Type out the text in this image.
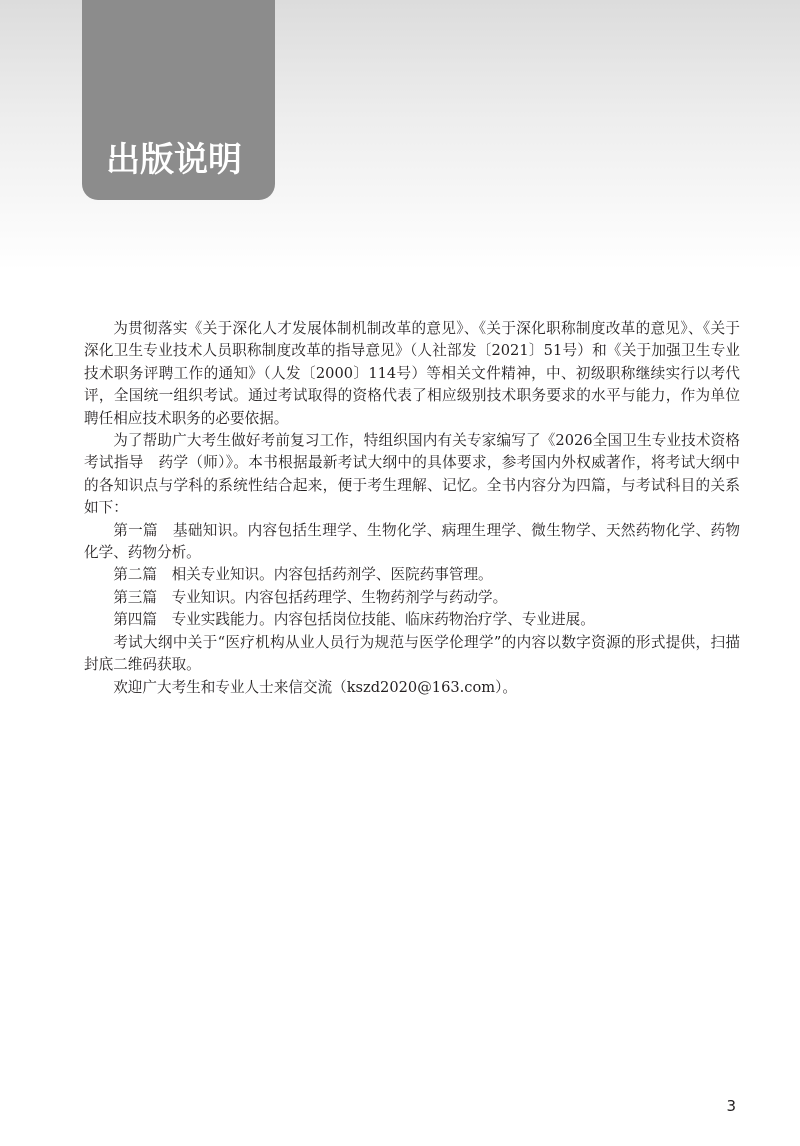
出版说明

为贯彻落实《关于深化人才发展体制机制改革的意见》、《关于深化职称制度改革的意见》、《关于深化卫生专业技术人员职称制度改革的指导意见》（人社部发〔2021〕51号）和《关于加强卫生专业技术职务评聘工作的通知》（人发〔2000〕114号）等相关文件精神，中、初级职称继续实行以考代评，全国统一组织考试。通过考试取得的资格代表了相应级别技术职务要求的水平与能力，作为单位聘任相应技术职务的必要依据。

为了帮助广大考生做好考前复习工作，特组织国内有关专家编写了《2026全国卫生专业技术资格考试指导　药学（师）》。本书根据最新考试大纲中的具体要求，参考国内外权威著作，将考试大纲中的各知识点与学科的系统性结合起来，便于考生理解、记忆。全书内容分为四篇，与考试科目的关系如下：

第一篇　基础知识。内容包括生理学、生物化学、病理生理学、微生物学、天然药物化学、药物化学、药物分析。

第二篇　相关专业知识。内容包括药剂学、医院药事管理。

第三篇　专业知识。内容包括药理学、生物药剂学与药动学。

第四篇　专业实践能力。内容包括岗位技能、临床药物治疗学、专业进展。

考试大纲中关于“医疗机构从业人员行为规范与医学伦理学”的内容以数字资源的形式提供，扫描封底二维码获取。

欢迎广大考生和专业人士来信交流（kszd2020@163.com）。

3
